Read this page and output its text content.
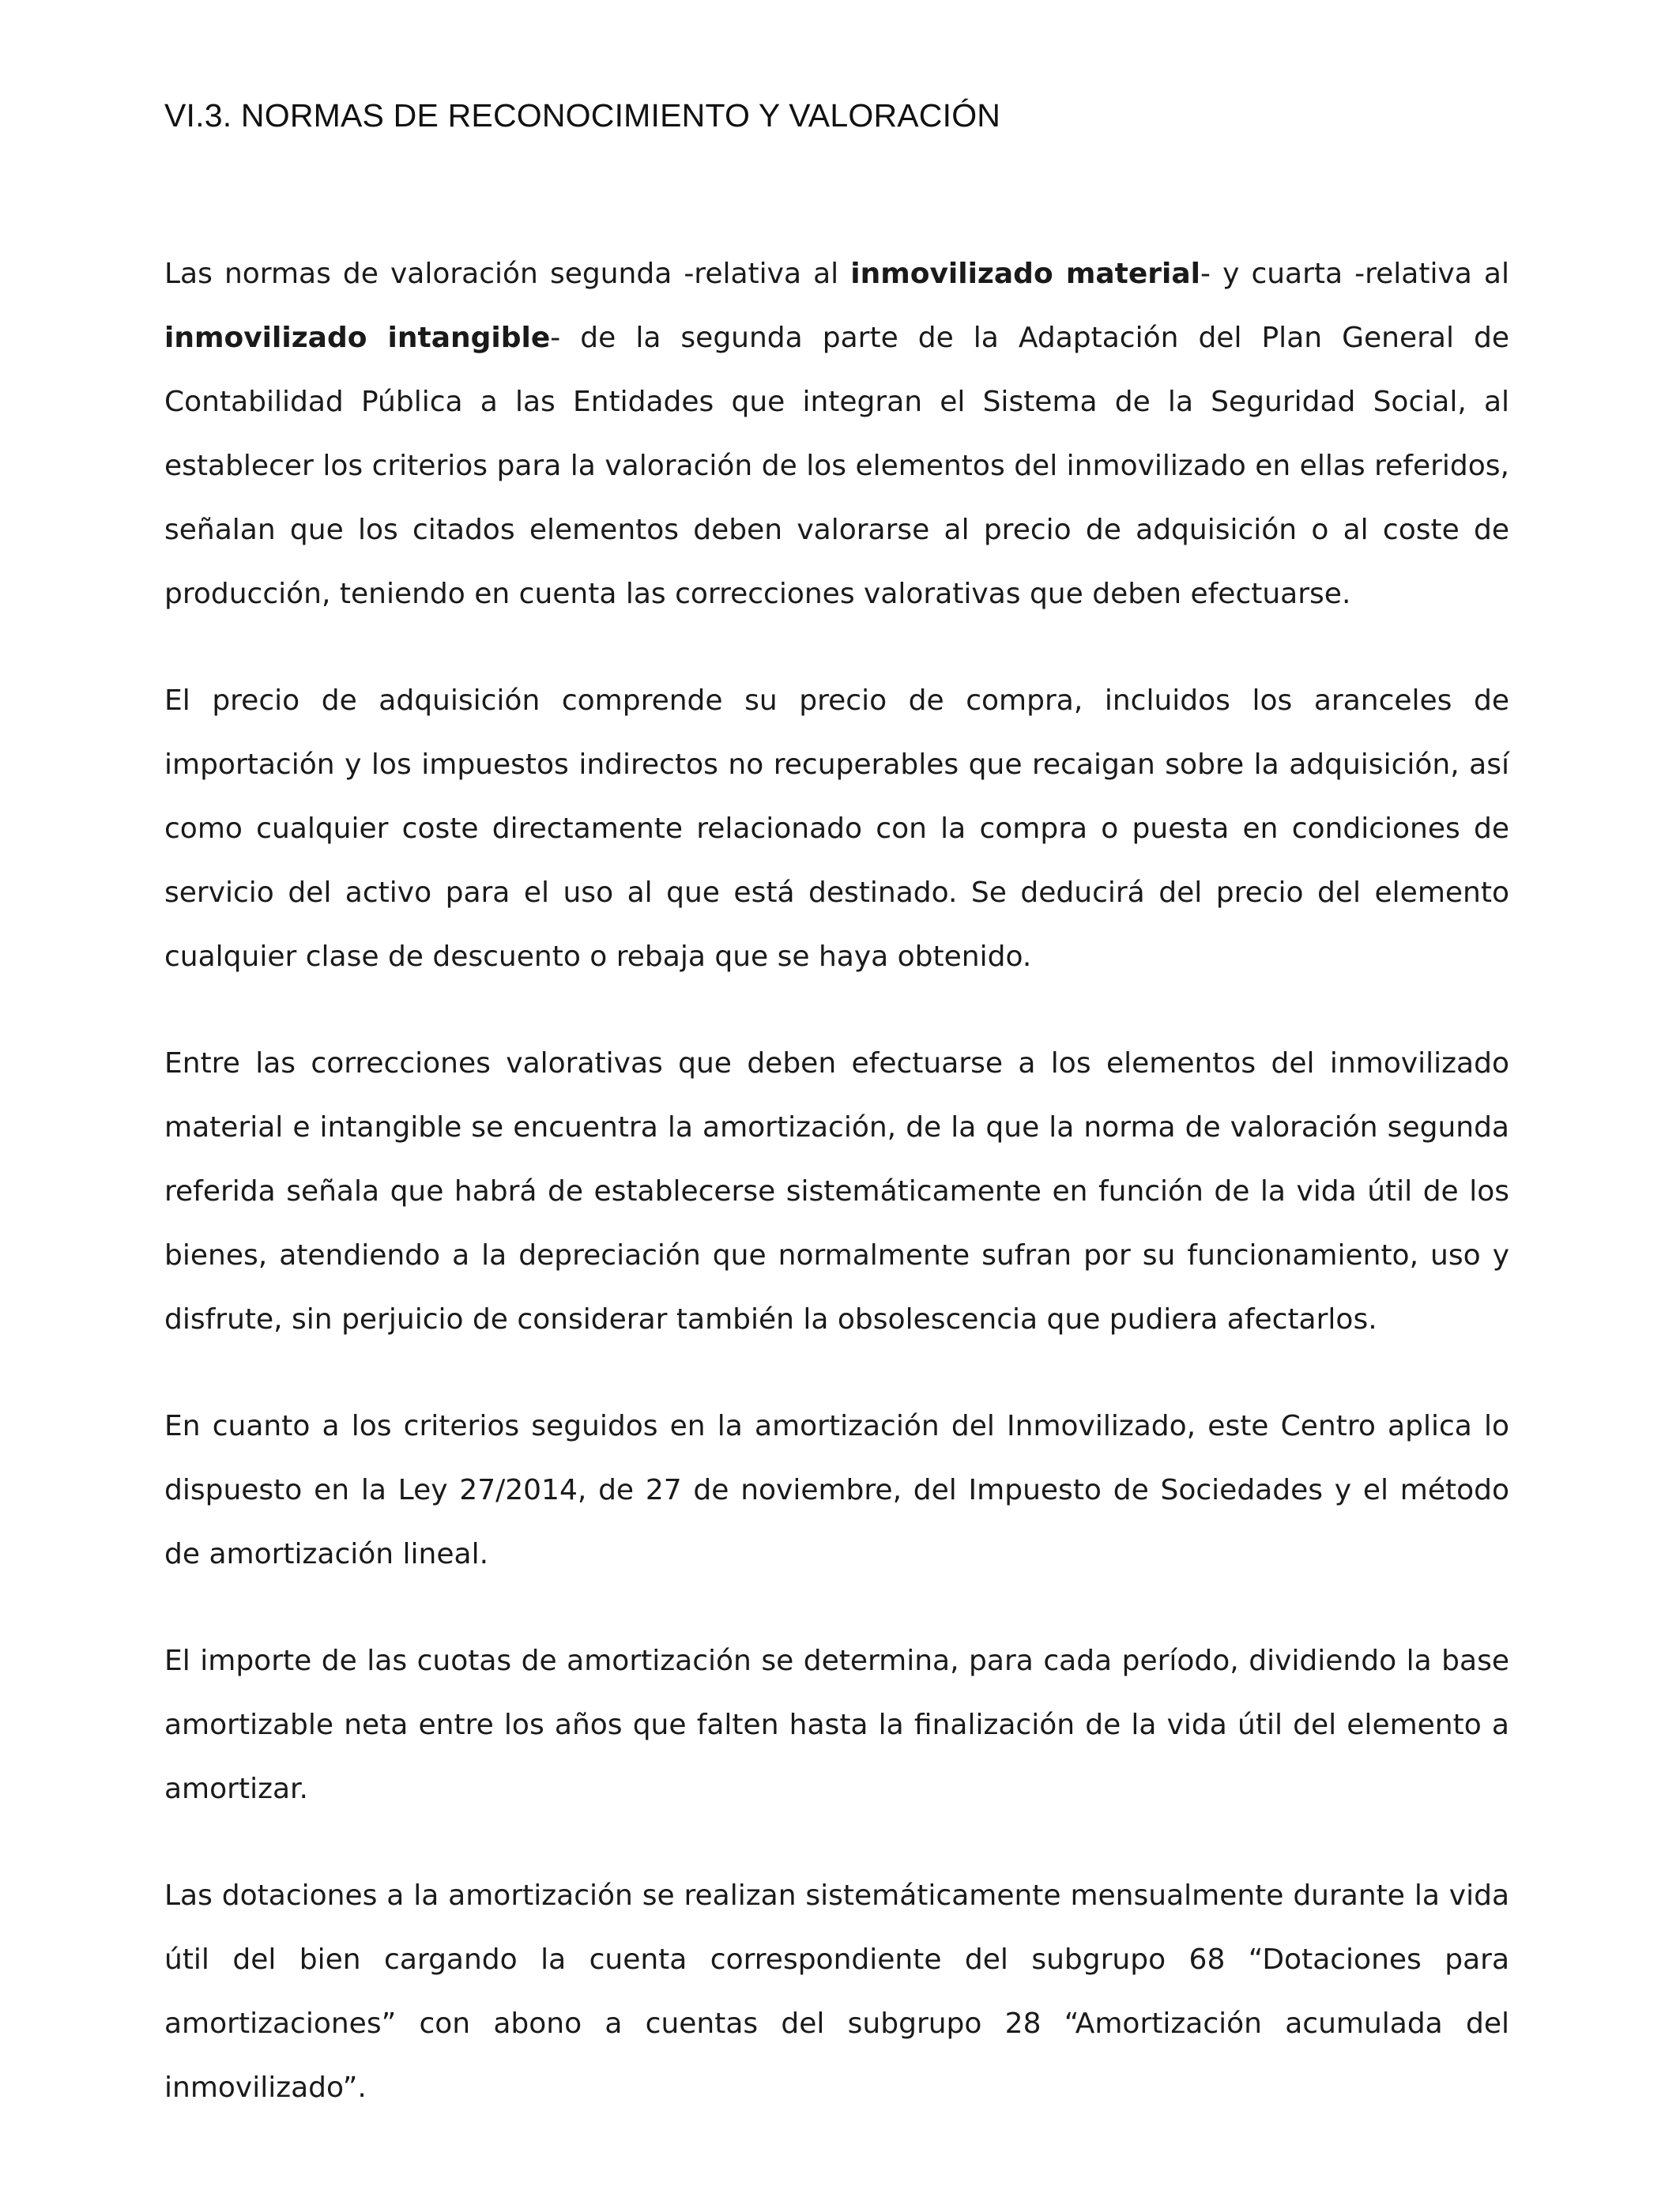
VI.3. NORMAS DE RECONOCIMIENTO Y VALORACIÓN

Las normas de valoración segunda -relativa al inmovilizado material- y cuarta -relativa al inmovilizado intangible- de la segunda parte de la Adaptación del Plan General de Contabilidad Pública a las Entidades que integran el Sistema de la Seguridad Social, al establecer los criterios para la valoración de los elementos del inmovilizado en ellas referidos, señalan que los citados elementos deben valorarse al precio de adquisición o al coste de producción, teniendo en cuenta las correcciones valorativas que deben efectuarse.

El precio de adquisición comprende su precio de compra, incluidos los aranceles de importación y los impuestos indirectos no recuperables que recaigan sobre la adquisición, así como cualquier coste directamente relacionado con la compra o puesta en condiciones de servicio del activo para el uso al que está destinado. Se deducirá del precio del elemento cualquier clase de descuento o rebaja que se haya obtenido.

Entre las correcciones valorativas que deben efectuarse a los elementos del inmovilizado material e intangible se encuentra la amortización, de la que la norma de valoración segunda referida señala que habrá de establecerse sistemáticamente en función de la vida útil de los bienes, atendiendo a la depreciación que normalmente sufran por su funcionamiento, uso y disfrute, sin perjuicio de considerar también la obsolescencia que pudiera afectarlos.

En cuanto a los criterios seguidos en la amortización del Inmovilizado, este Centro aplica lo dispuesto en la Ley 27/2014, de 27 de noviembre, del Impuesto de Sociedades y el método de amortización lineal.

El importe de las cuotas de amortización se determina, para cada período, dividiendo la base amortizable neta entre los años que falten hasta la finalización de la vida útil del elemento a amortizar.

Las dotaciones a la amortización se realizan sistemáticamente mensualmente durante la vida útil del bien cargando la cuenta correspondiente del subgrupo 68 “Dotaciones para amortizaciones” con abono a cuentas del subgrupo 28 “Amortización acumulada del inmovilizado”.
